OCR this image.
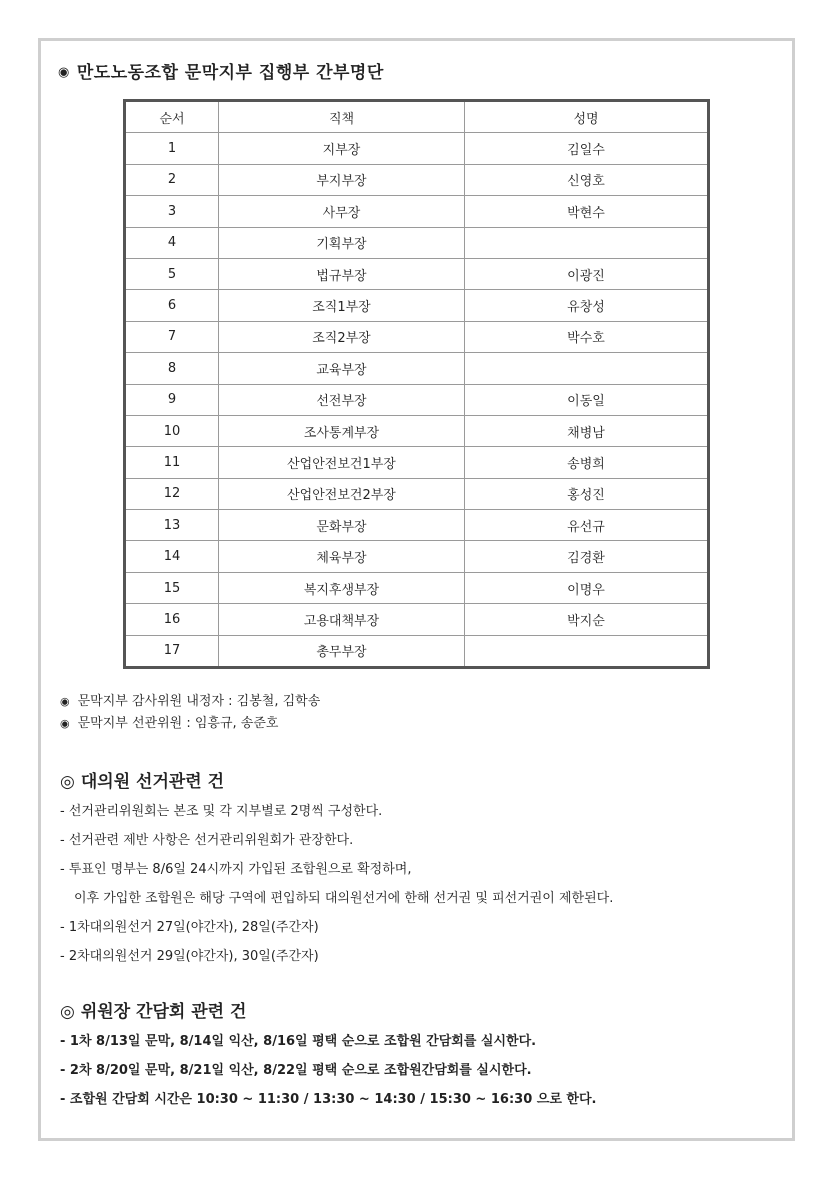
◉ 만도노동조합 문막지부 집행부 간부명단
순서	직책	성명
1	지부장	김일수
2	부지부장	신영호
3	사무장	박현수
4	기획부장	
5	법규부장	이광진
6	조직1부장	유창성
7	조직2부장	박수호
8	교육부장	
9	선전부장	이동일
10	조사통계부장	채병남
11	산업안전보건1부장	송병희
12	산업안전보건2부장	홍성진
13	문화부장	유선규
14	체육부장	김경환
15	복지후생부장	이명우
16	고용대책부장	박지순
17	총무부장	
◉ 문막지부 감사위원 내정자 : 김봉철, 김학송
◉ 문막지부 선관위원 : 임흥규, 송준호
◎ 대의원 선거관련 건
- 선거관리위원회는 본조 및 각 지부별로 2명씩 구성한다.
- 선거관련 제반 사항은 선거관리위원회가 관장한다.
- 투표인 명부는 8/6일 24시까지 가입된 조합원으로 확정하며,
이후 가입한 조합원은 해당 구역에 편입하되 대의원선거에 한해 선거권 및 피선거권이 제한된다.
- 1차대의원선거 27일(야간자), 28일(주간자)
- 2차대의원선거 29일(야간자), 30일(주간자)
◎ 위원장 간담회 관련 건
- 1차 8/13일 문막, 8/14일 익산, 8/16일 평택 순으로 조합원 간담회를 실시한다.
- 2차 8/20일 문막, 8/21일 익산, 8/22일 평택 순으로 조합원간담회를 실시한다.
- 조합원 간담회 시간은 10:30 ~ 11:30 / 13:30 ~ 14:30 / 15:30 ~ 16:30 으로 한다.
